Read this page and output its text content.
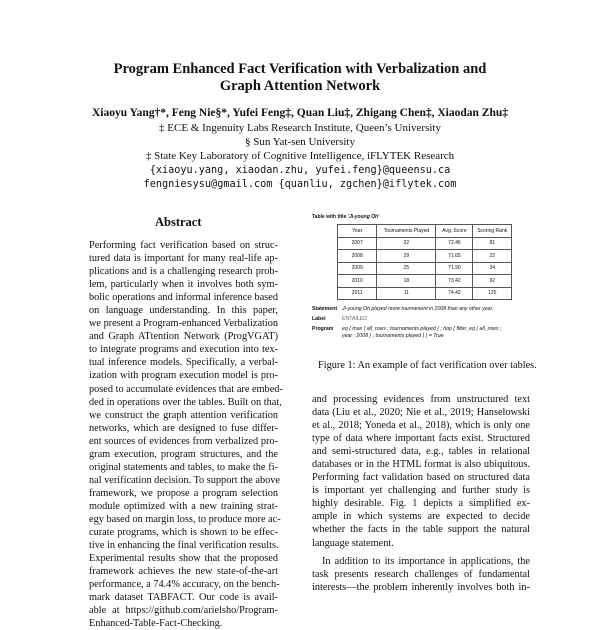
Program Enhanced Fact Verification with Verbalization and
Graph Attention Network
Xiaoyu Yang†*, Feng Nie§*, Yufei Feng‡, Quan Liu‡, Zhigang Chen‡, Xiaodan Zhu‡
‡ ECE & Ingenuity Labs Research Institute, Queen’s University
§ Sun Yat-sen University
‡ State Key Laboratory of Cognitive Intelligence, iFLYTEK Research
{xiaoyu.yang, xiaodan.zhu, yufei.feng}@queensu.ca
fengniesysu@gmail.com {quanliu, zgchen}@iflytek.com
Abstract

Performing fact verification based on struc-

tured data is important for many real-life ap-

plications and is a challenging research prob-

lem, particularly when it involves both sym-

bolic operations and informal inference based

on language understanding. In this paper,

we present a Program-enhanced Verbalization

and Graph ATtention Network (ProgVGAT)

to integrate programs and execution into tex-

tual inference models. Specifically, a verbal-

ization with program execution model is pro-

posed to accumulate evidences that are embed-

ded in operations over the tables. Built on that,

we construct the graph attention verification

networks, which are designed to fuse differ-

ent sources of evidences from verbalized pro-

gram execution, program structures, and the

original statements and tables, to make the fi-

nal verification decision. To support the above

framework, we propose a program selection

module optimized with a new training strat-

egy based on margin loss, to produce more ac-

curate programs, which is shown to be effec-

tive in enhancing the final verification results.

Experimental results show that the proposed

framework achieves the new state-of-the-art

performance, a 74.4% accuracy, on the bench-

mark dataset TABFACT. Our code is avail-

able at https://github.com/arielsho/Program-

Enhanced-Table-Fact-Checking.

Table with title 'Ji-young Oh'
Year	Tournaments Played	Avg. Score	Scoring Rank
2007	22	72.46	81
2008	29	71.65	22
2009	25	71.90	34
2010	18	73.42	92
2011	11	74.42	125
Statement Ji-young Oh played more tournament in 2008 than any other year.
Label	ENTAILED
Program eq { max { all_rows ; tournaments played } ; hop { filter_eq { all_rows ; year ; 2008 } ; tournaments played } } = True
Figure 1: An example of fact verification over tables.

and processing evidences from unstructured text

data (Liu et al., 2020; Nie et al., 2019; Hanselowski

et al., 2018; Yoneda et al., 2018), which is only one

type of data where important facts exist. Structured

and semi-structured data, e.g., tables in relational

databases or in the HTML format is also ubiquitous.

Performing fact validation based on structured data

is important yet challenging and further study is

highly desirable. Fig. 1 depicts a simplified ex-

ample in which systems are expected to decide

whether the facts in the table support the natural

language statement.

In addition to its importance in applications, the

task presents research challenges of fundamental

interests—the problem inherently involves both in-
